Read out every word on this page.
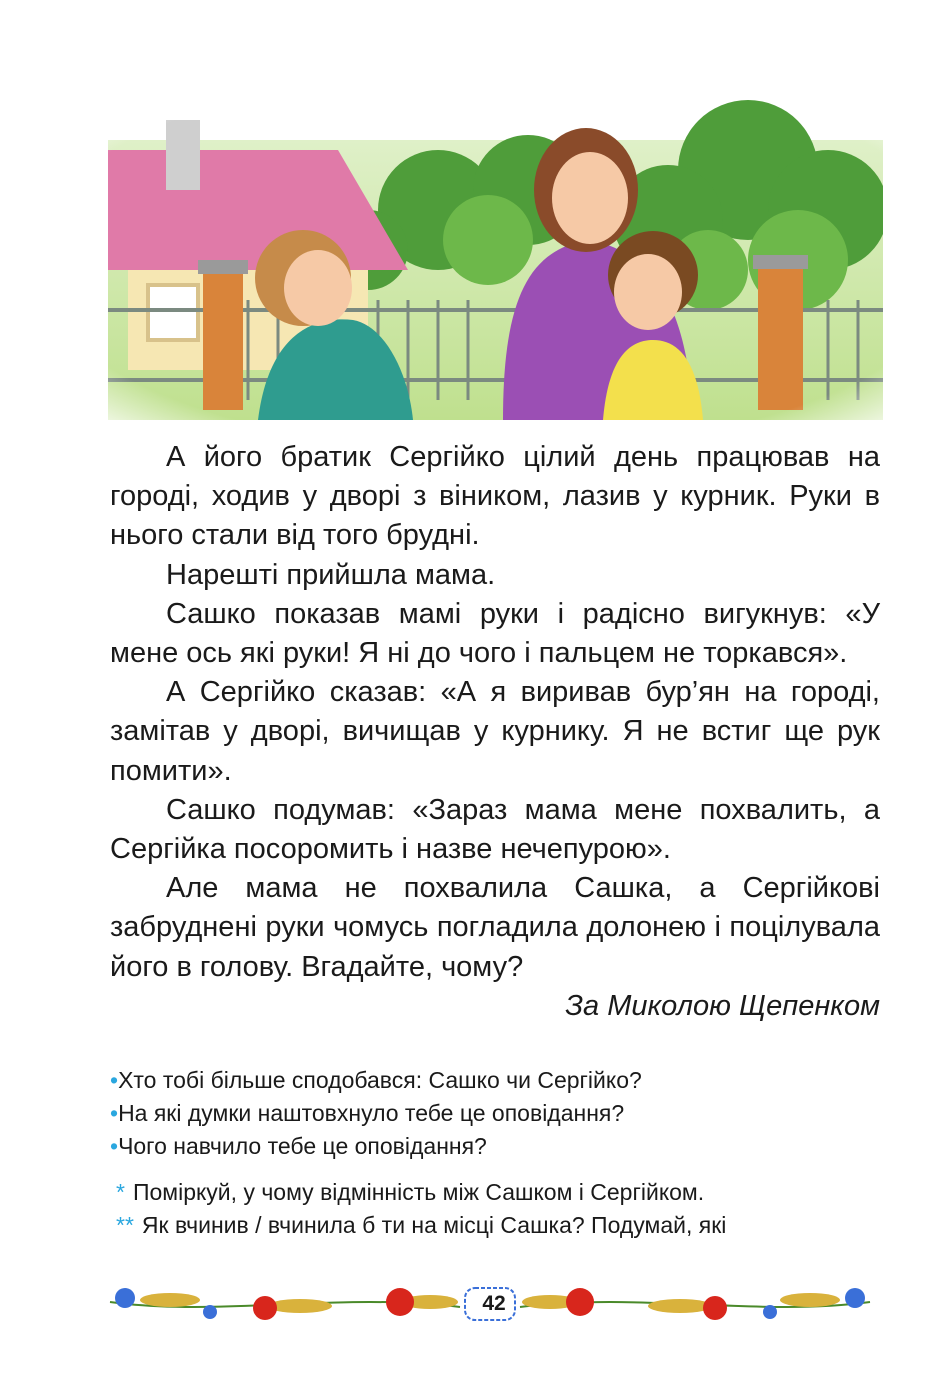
А його братик Сергійко цілий день працював на городі, ходив у дворі з віником, лазив у курник. Руки в нього стали від того брудні.

Нарешті прийшла мама.

Сашко показав мамі руки і радісно вигукнув: «У мене ось які руки! Я ні до чого і пальцем не торкався».

А Сергійко сказав: «А я виривав бур’ян на городі, замітав у дворі, вичищав у курнику. Я не встиг ще рук помити».

Сашко подумав: «Зараз мама мене похвалить, а Сергійка посоромить і назве нечепурою».

Але мама не похвалила Сашка, а Сергійкові забруднені руки чомусь погладила долонею і поцілувала його в голову. Вгадайте, чому?

За Миколою Щепенком

• Хто тобі більше сподобався: Сашко чи Сергійко?
• На які думки наштовхнуло тебе це оповідання?
• Чого навчило тебе це оповідання?
* Поміркуй, у чому відмінність між Сашком і Сергійком.
** Як вчинив / вчинила б ти на місці Сашка? Подумай, які
42
